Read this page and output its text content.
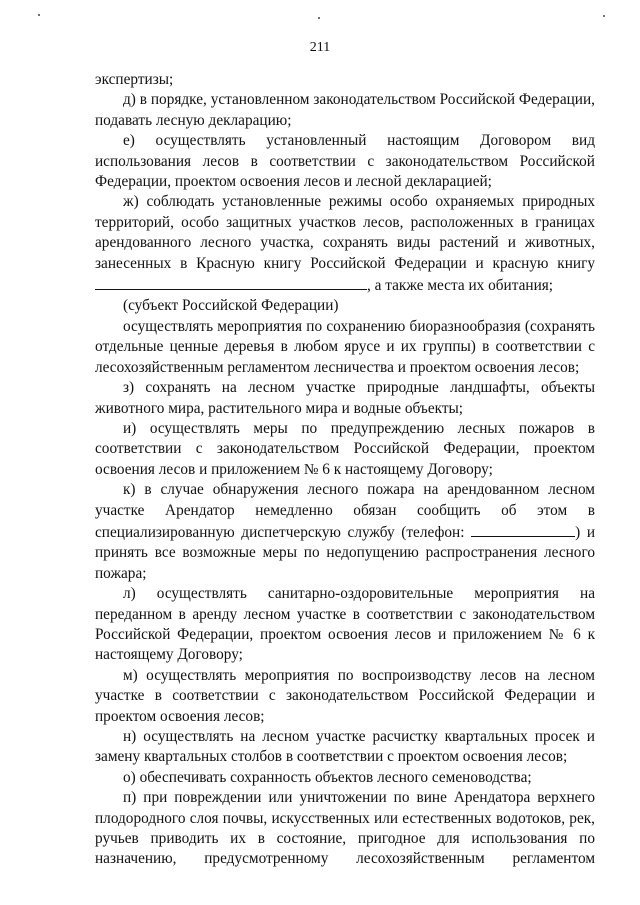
211

экспертизы;

д) в порядке, установленном законодательством Российской Федерации, подавать лесную декларацию;

е) осуществлять установленный настоящим Договором вид использования лесов в соответствии с законодательством Российской Федерации, проектом освоения лесов и лесной декларацией;

ж) соблюдать установленные режимы особо охраняемых природных территорий, особо защитных участков лесов, расположенных в границах арендованного лесного участка, сохранять виды растений и животных, занесенных в Красную книгу Российской Федерации и красную книгу , а также места их обитания;

(субъект Российской Федерации)

осуществлять мероприятия по сохранению биоразнообразия (сохранять отдельные ценные деревья в любом ярусе и их группы) в соответствии с лесохозяйственным регламентом лесничества и проектом освоения лесов;

з) сохранять на лесном участке природные ландшафты, объекты животного мира, растительного мира и водные объекты;

и) осуществлять меры по предупреждению лесных пожаров в соответствии с законодательством Российской Федерации, проектом освоения лесов и приложением № 6 к настоящему Договору;

к) в случае обнаружения лесного пожара на арендованном лесном участке Арендатор немедленно обязан сообщить об этом в специализированную диспетчерскую службу (телефон:	) и принять все возможные меры по недопущению распространения лесного пожара;

л) осуществлять санитарно-оздоровительные мероприятия на переданном в аренду лесном участке в соответствии с законодательством Российской Федерации, проектом освоения лесов и приложением № 6 к настоящему Договору;

м) осуществлять мероприятия по воспроизводству лесов на лесном участке в соответствии с законодательством Российской Федерации и проектом освоения лесов;

н) осуществлять на лесном участке расчистку квартальных просек и замену квартальных столбов в соответствии с проектом освоения лесов;

о) обеспечивать сохранность объектов лесного семеноводства;

п) при повреждении или уничтожении по вине Арендатора верхнего плодородного слоя почвы, искусственных или естественных водотоков, рек, ручьев приводить их в состояние, пригодное для использования по назначению, предусмотренному лесохозяйственным регламентом
